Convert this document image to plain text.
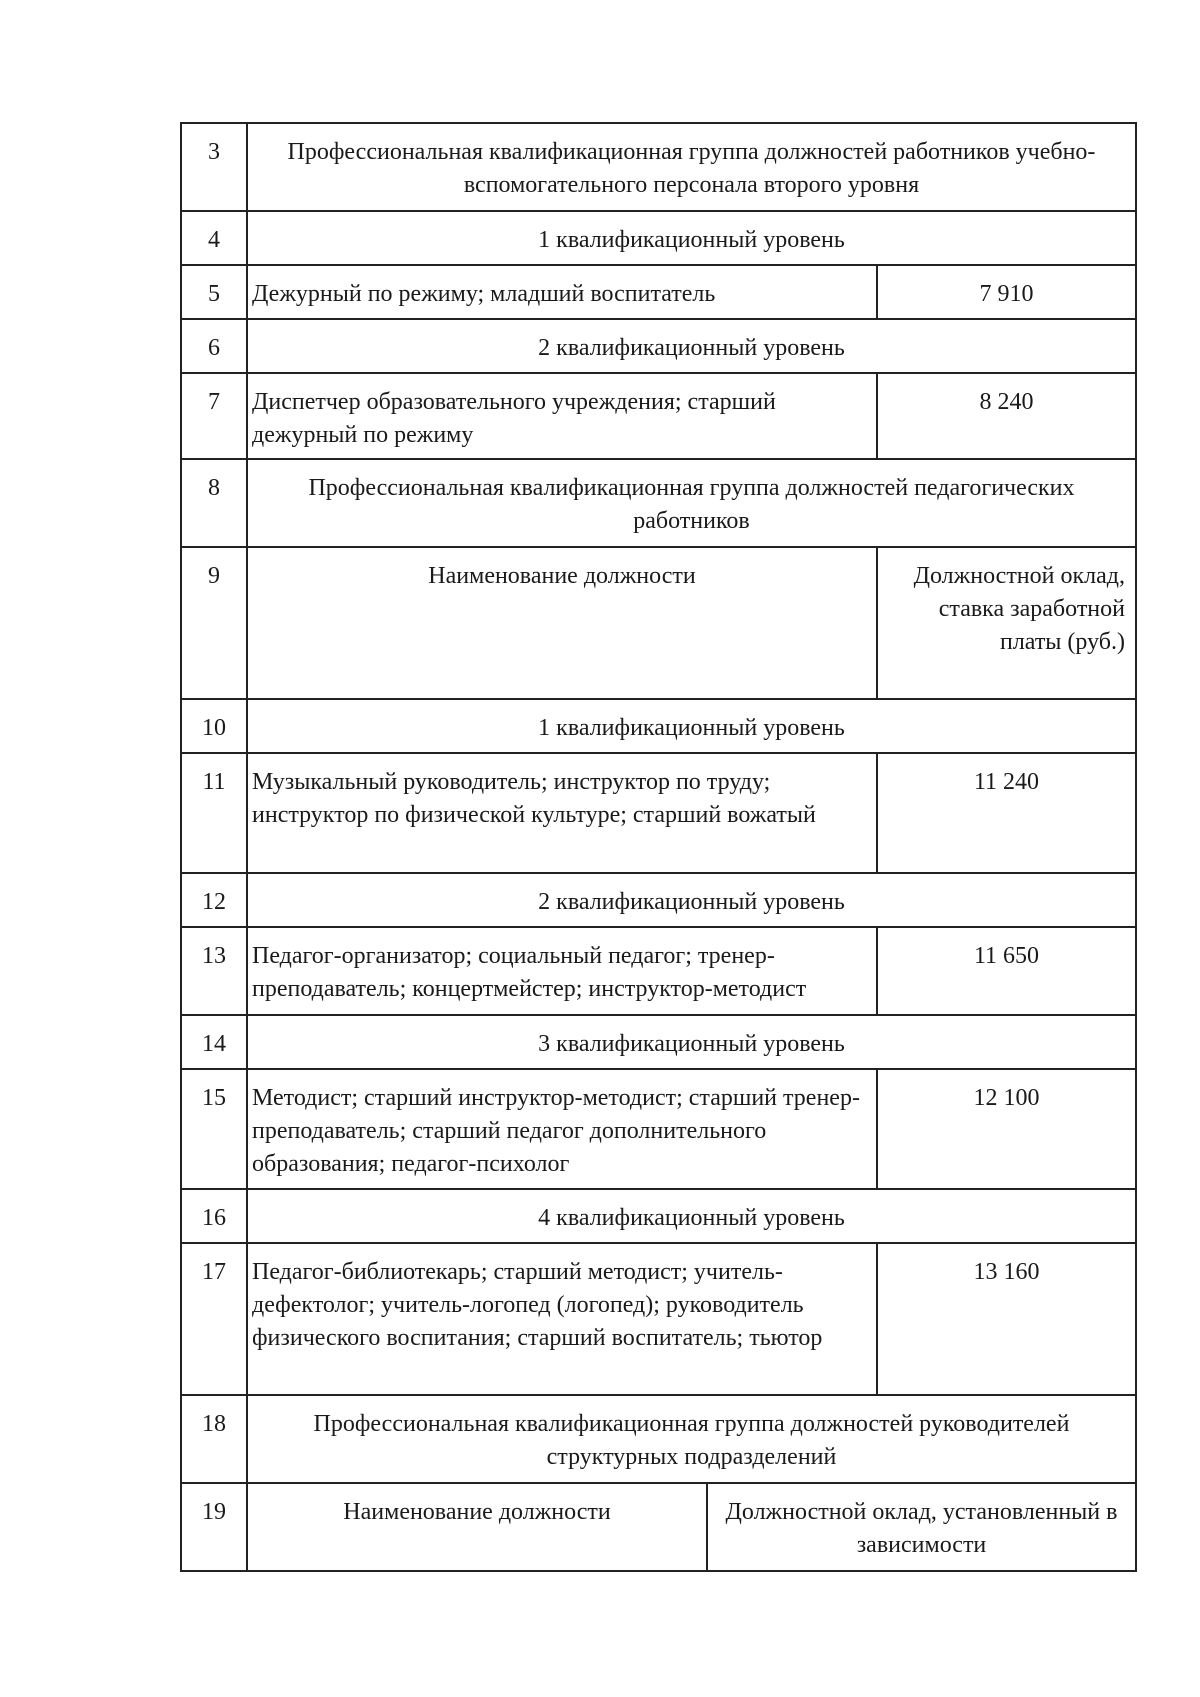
3	Профессиональная квалификационная группа должностей работников учебно-вспомогательного персонала второго уровня		
4	1 квалификационный уровень		
5	Дежурный по режиму; младший воспитатель		7 910
6	2 квалификационный уровень		
7	Диспетчер образовательного учреждения; старший дежурный по режиму		8 240
8	Профессиональная квалификационная группа должностей педагогических работников		
9	Наименование должности		Должностной оклад, ставка заработной платы (руб.)
10	1 квалификационный уровень		
11	Музыкальный руководитель; инструктор по труду; инструктор по физической культуре; старший вожатый		11 240
12	2 квалификационный уровень		
13	Педагог-организатор; социальный педагог; тренер-преподаватель; концертмейстер; инструктор-методист		11 650
14	3 квалификационный уровень		
15	Методист; старший инструктор-методист; старший тренер-преподаватель; старший педагог дополнительного образования; педагог-психолог		12 100
16	4 квалификационный уровень		
17	Педагог-библиотекарь; старший методист; учитель-дефектолог; учитель-логопед (логопед); руководитель физического воспитания; старший воспитатель; тьютор		13 160
18	Профессиональная квалификационная группа должностей руководителей структурных подразделений		
19	Наименование должности	Должностной оклад, установленный в зависимости	
